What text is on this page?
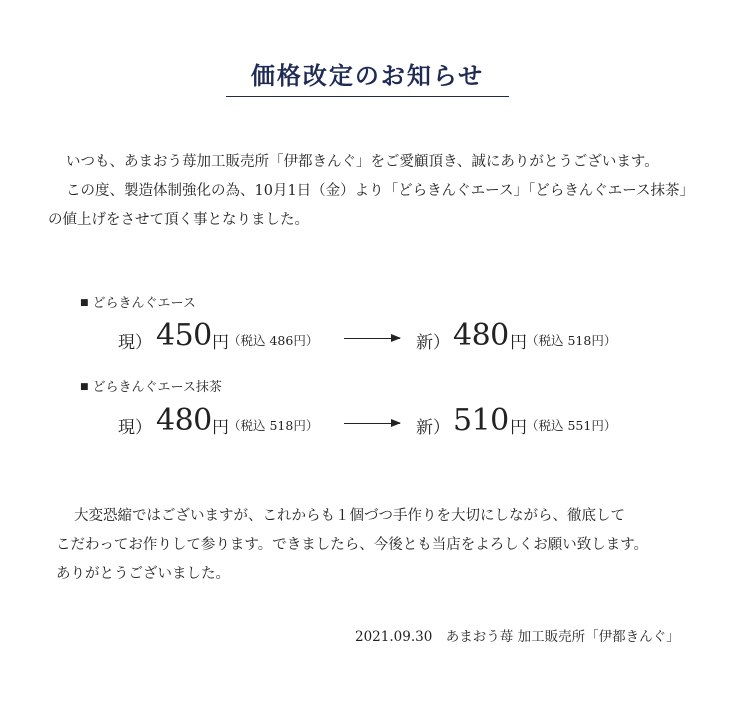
価格改定のお知らせ
いつも、あまおう苺加工販売所「伊都きんぐ」をご愛顧頂き、誠にありがとうございます。
この度、製造体制強化の為、10月1日（金）より「どらきんぐエース」「どらきんぐエース抹茶」
の値上げをさせて頂く事となりました。
■ どらきんぐエース
現） 450 円 （税込 486円）	新） 480 円 （税込 518円）
■ どらきんぐエース抹茶
現） 480 円 （税込 518円）	新） 510 円 （税込 551円）
大変恐縮ではございますが、これからも１個づつ手作りを大切にしながら、徹底して
こだわってお作りして参ります。できましたら、今後とも当店をよろしくお願い致します。
ありがとうございました。
2021.09.30　あまおう苺 加工販売所「伊都きんぐ」
